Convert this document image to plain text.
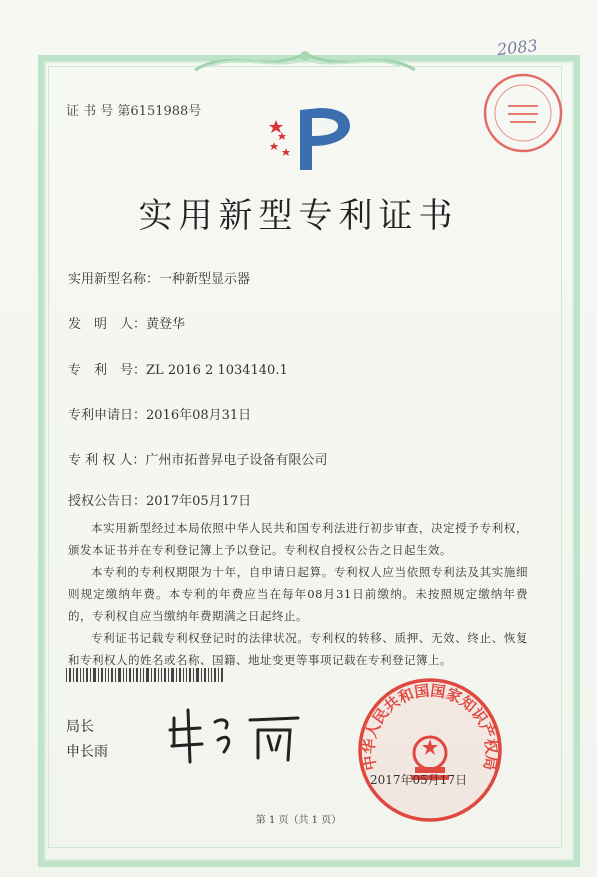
2083
证 书 号 第6151988号
实用新型专利证书
实用新型名称：一种新型显示器
发　明　人：黄登华
专　利　号：ZL 2016 2 1034140.1
专利申请日：2016年08月31日
专 利 权 人：广州市拓普昇电子设备有限公司
授权公告日：2017年05月17日

本实用新型经过本局依照中华人民共和国专利法进行初步审查，决定授予专利权，颁发本证书并在专利登记簿上予以登记。专利权自授权公告之日起生效。

本专利的专利权期限为十年，自申请日起算。专利权人应当依照专利法及其实施细则规定缴纳年费。本专利的年费应当在每年08月31日前缴纳。未按照规定缴纳年费的，专利权自应当缴纳年费期满之日起终止。

专利证书记载专利权登记时的法律状况。专利权的转移、质押、无效、终止、恢复和专利权人的姓名或名称、国籍、地址变更等事项记载在专利登记簿上。

局长
申长雨
中华人民共和国国家知识产权局
2017年05月17日
第 1 页（共 1 页）
